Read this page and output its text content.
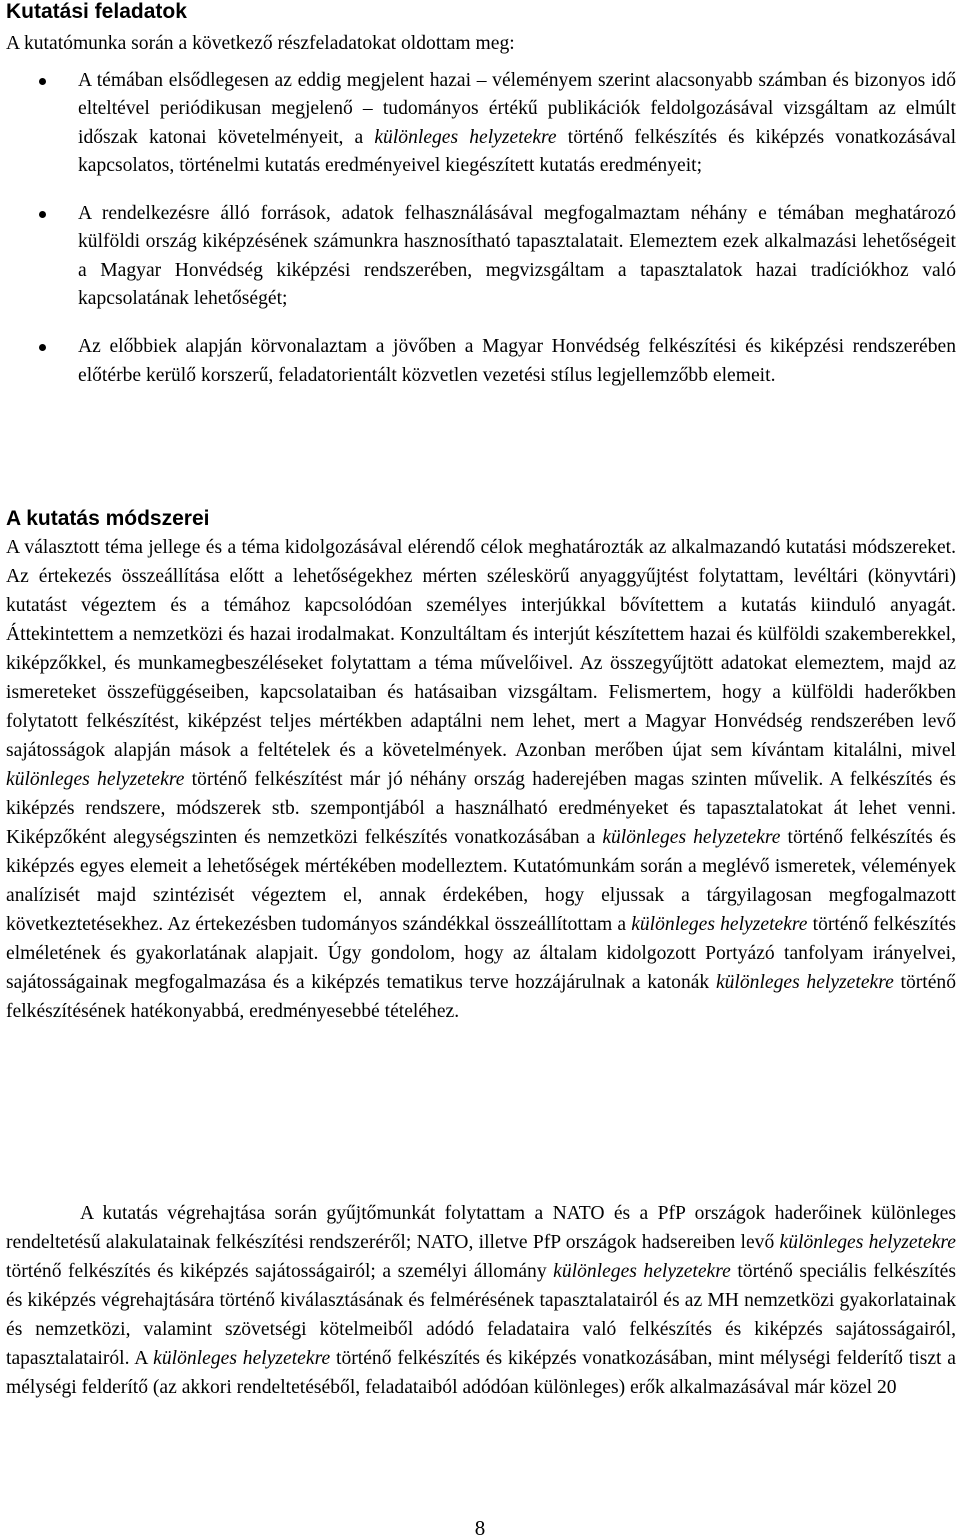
Kutatási feladatok
A kutatómunka során a következő részfeladatokat oldottam meg:
A témában elsődlegesen az eddig megjelent hazai – véleményem szerint alacsonyabb számban és bizonyos idő elteltével periódikusan megjelenő – tudományos értékű publikációk feldolgozásával vizsgáltam az elmúlt időszak katonai követelményeit, a különleges helyzetekre történő felkészítés és kiképzés vonatkozásával kapcsolatos, történelmi kutatás eredményeivel kiegészített kutatás eredményeit;
A rendelkezésre álló források, adatok felhasználásával megfogalmaztam néhány e témában meghatározó külföldi ország kiképzésének számunkra hasznosítható tapasztalatait. Elemeztem ezek alkalmazási lehetőségeit a Magyar Honvédség kiképzési rendszerében, megvizsgáltam a tapasztalatok hazai tradíciókhoz való kapcsolatának lehetőségét;
Az előbbiek alapján körvonalaztam a jövőben a Magyar Honvédség felkészítési és kiképzési rendszerében előtérbe kerülő korszerű, feladatorientált közvetlen vezetési stílus legjellemzőbb elemeit.
A kutatás módszerei

A választott téma jellege és a téma kidolgozásával elérendő célok meghatározták az alkalmazandó kutatási módszereket. Az értekezés összeállítása előtt a lehetőségekhez mérten széleskörű anyaggyűjtést folytattam, levéltári (könyvtári) kutatást végeztem és a témához kapcsolódóan személyes interjúkkal bővítettem a kutatás kiinduló anyagát. Áttekintettem a nemzetközi és hazai irodalmakat. Konzultáltam és interjút készítettem hazai és külföldi szakemberekkel, kiképzőkkel, és munkamegbeszéléseket folytattam a téma művelőivel. Az összegyűjtött adatokat elemeztem, majd az ismereteket összefüggéseiben, kapcsolataiban és hatásaiban vizsgáltam. Felismertem, hogy a külföldi haderőkben folytatott felkészítést, kiképzést teljes mértékben adaptálni nem lehet, mert a Magyar Honvédség rendszerében levő sajátosságok alapján mások a feltételek és a követelmények. Azonban merőben újat sem kívántam kitalálni, mivel különleges helyzetekre történő felkészítést már jó néhány ország haderejében magas szinten művelik. A felkészítés és kiképzés rendszere, módszerek stb. szempontjából a használható eredményeket és tapasztalatokat át lehet venni. Kiképzőként alegységszinten és nemzetközi felkészítés vonatkozásában a különleges helyzetekre történő felkészítés és kiképzés egyes elemeit a lehetőségek mértékében modelleztem. Kutatómunkám során a meglévő ismeretek, vélemények analízisét majd szintézisét végeztem el, annak érdekében, hogy eljussak a tárgyilagosan megfogalmazott következtetésekhez. Az értekezésben tudományos szándékkal összeállítottam a különleges helyzetekre történő felkészítés elméletének és gyakorlatának alapjait. Úgy gondolom, hogy az általam kidolgozott Portyázó tanfolyam irányelvei, sajátosságainak megfogalmazása és a kiképzés tematikus terve hozzájárulnak a katonák különleges helyzetekre történő felkészítésének hatékonyabbá, eredményesebbé tételéhez.

A kutatás végrehajtása során gyűjtőmunkát folytattam a NATO és a PfP országok haderőinek különleges rendeltetésű alakulatainak felkészítési rendszeréről; NATO, illetve PfP országok hadsereiben levő különleges helyzetekre történő felkészítés és kiképzés sajátosságairól; a személyi állomány különleges helyzetekre történő speciális felkészítés és kiképzés végrehajtására történő kiválasztásának és felmérésének tapasztalatairól és az MH nemzetközi gyakorlatainak és nemzetközi, valamint szövetségi kötelmeiből adódó feladataira való felkészítés és kiképzés sajátosságairól, tapasztalatairól. A különleges helyzetekre történő felkészítés és kiképzés vonatkozásában, mint mélységi felderítő tiszt a mélységi felderítő (az akkori rendeltetéséből, feladataiból adódóan különleges) erők alkalmazásával már közel 20

8
